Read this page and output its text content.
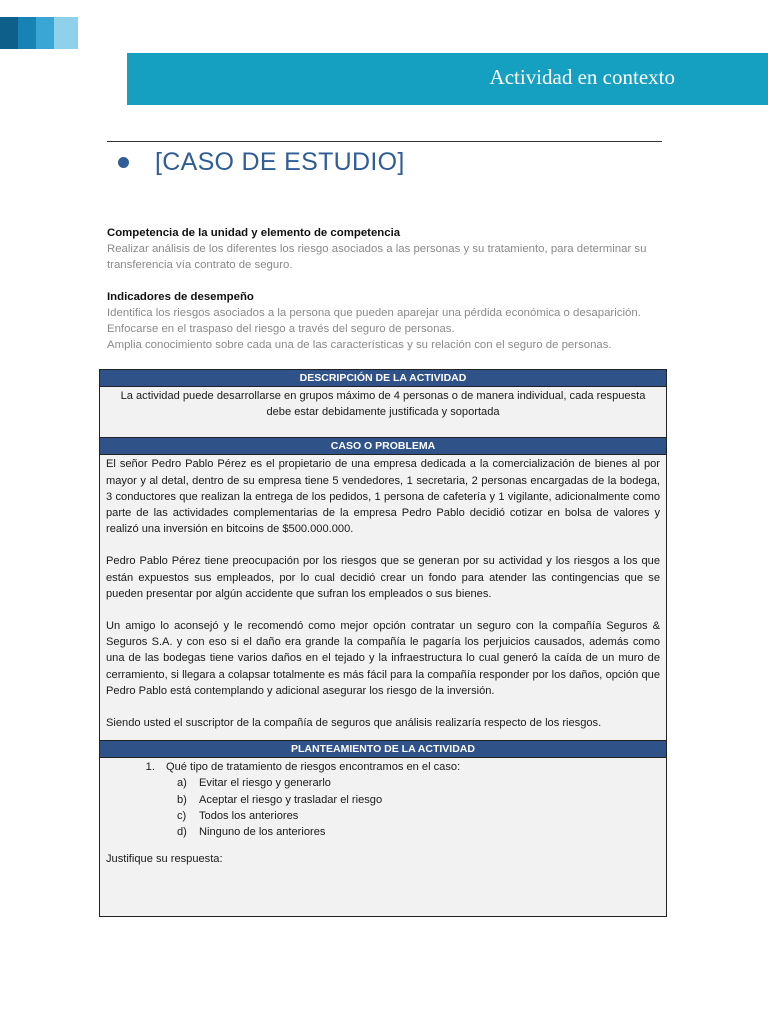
Actividad en contexto
[CASO DE ESTUDIO]
Competencia de la unidad y elemento de competencia
Realizar análisis de los diferentes los riesgo asociados a las personas y su tratamiento, para determinar su
transferencia vía contrato de seguro.
Indicadores de desempeño
Identifica los riesgos asociados a la persona que pueden aparejar una pérdida económica o desaparición.
Enfocarse en el traspaso del riesgo a través del seguro de personas.
Amplia conocimiento sobre cada una de las características y su relación con el seguro de personas.
DESCRIPCIÓN DE LA ACTIVIDAD
La actividad puede desarrollarse en grupos máximo de 4 personas o de manera individual, cada respuesta debe estar debidamente justificada y soportada
CASO O PROBLEMA
El señor Pedro Pablo Pérez es el propietario de una empresa dedicada a la comercialización de bienes al por mayor y al detal, dentro de su empresa tiene 5 vendedores, 1 secretaria, 2 personas encargadas de la bodega, 3 conductores que realizan la entrega de los pedidos, 1 persona de cafetería y 1 vigilante, adicionalmente como parte de las actividades complementarias de la empresa Pedro Pablo decidió cotizar en bolsa de valores y realizó una inversión en bitcoins de $500.000.000.
Pedro Pablo Pérez tiene preocupación por los riesgos que se generan por su actividad y los riesgos a los que están expuestos sus empleados, por lo cual decidió crear un fondo para atender las contingencias que se pueden presentar por algún accidente que sufran los empleados o sus bienes.
Un amigo lo aconsejó y le recomendó como mejor opción contratar un seguro con la compañía Seguros & Seguros S.A. y con eso si el daño era grande la compañía le pagaría los perjuicios causados, además como una de las bodegas tiene varios daños en el tejado y la infraestructura lo cual generó la caída de un muro de cerramiento, si llegara a colapsar totalmente es más fácil para la compañía responder por los daños, opción que Pedro Pablo está contemplando y adicional asegurar los riesgo de la inversión.
Siendo usted el suscriptor de la compañía de seguros que análisis realizaría respecto de los riesgos.
PLANTEAMIENTO DE LA ACTIVIDAD
1. Qué tipo de tratamiento de riesgos encontramos en el caso:
a) Evitar el riesgo y generarlo
b) Aceptar el riesgo y trasladar el riesgo
c) Todos los anteriores
d) Ninguno de los anteriores
Justifique su respuesta:
